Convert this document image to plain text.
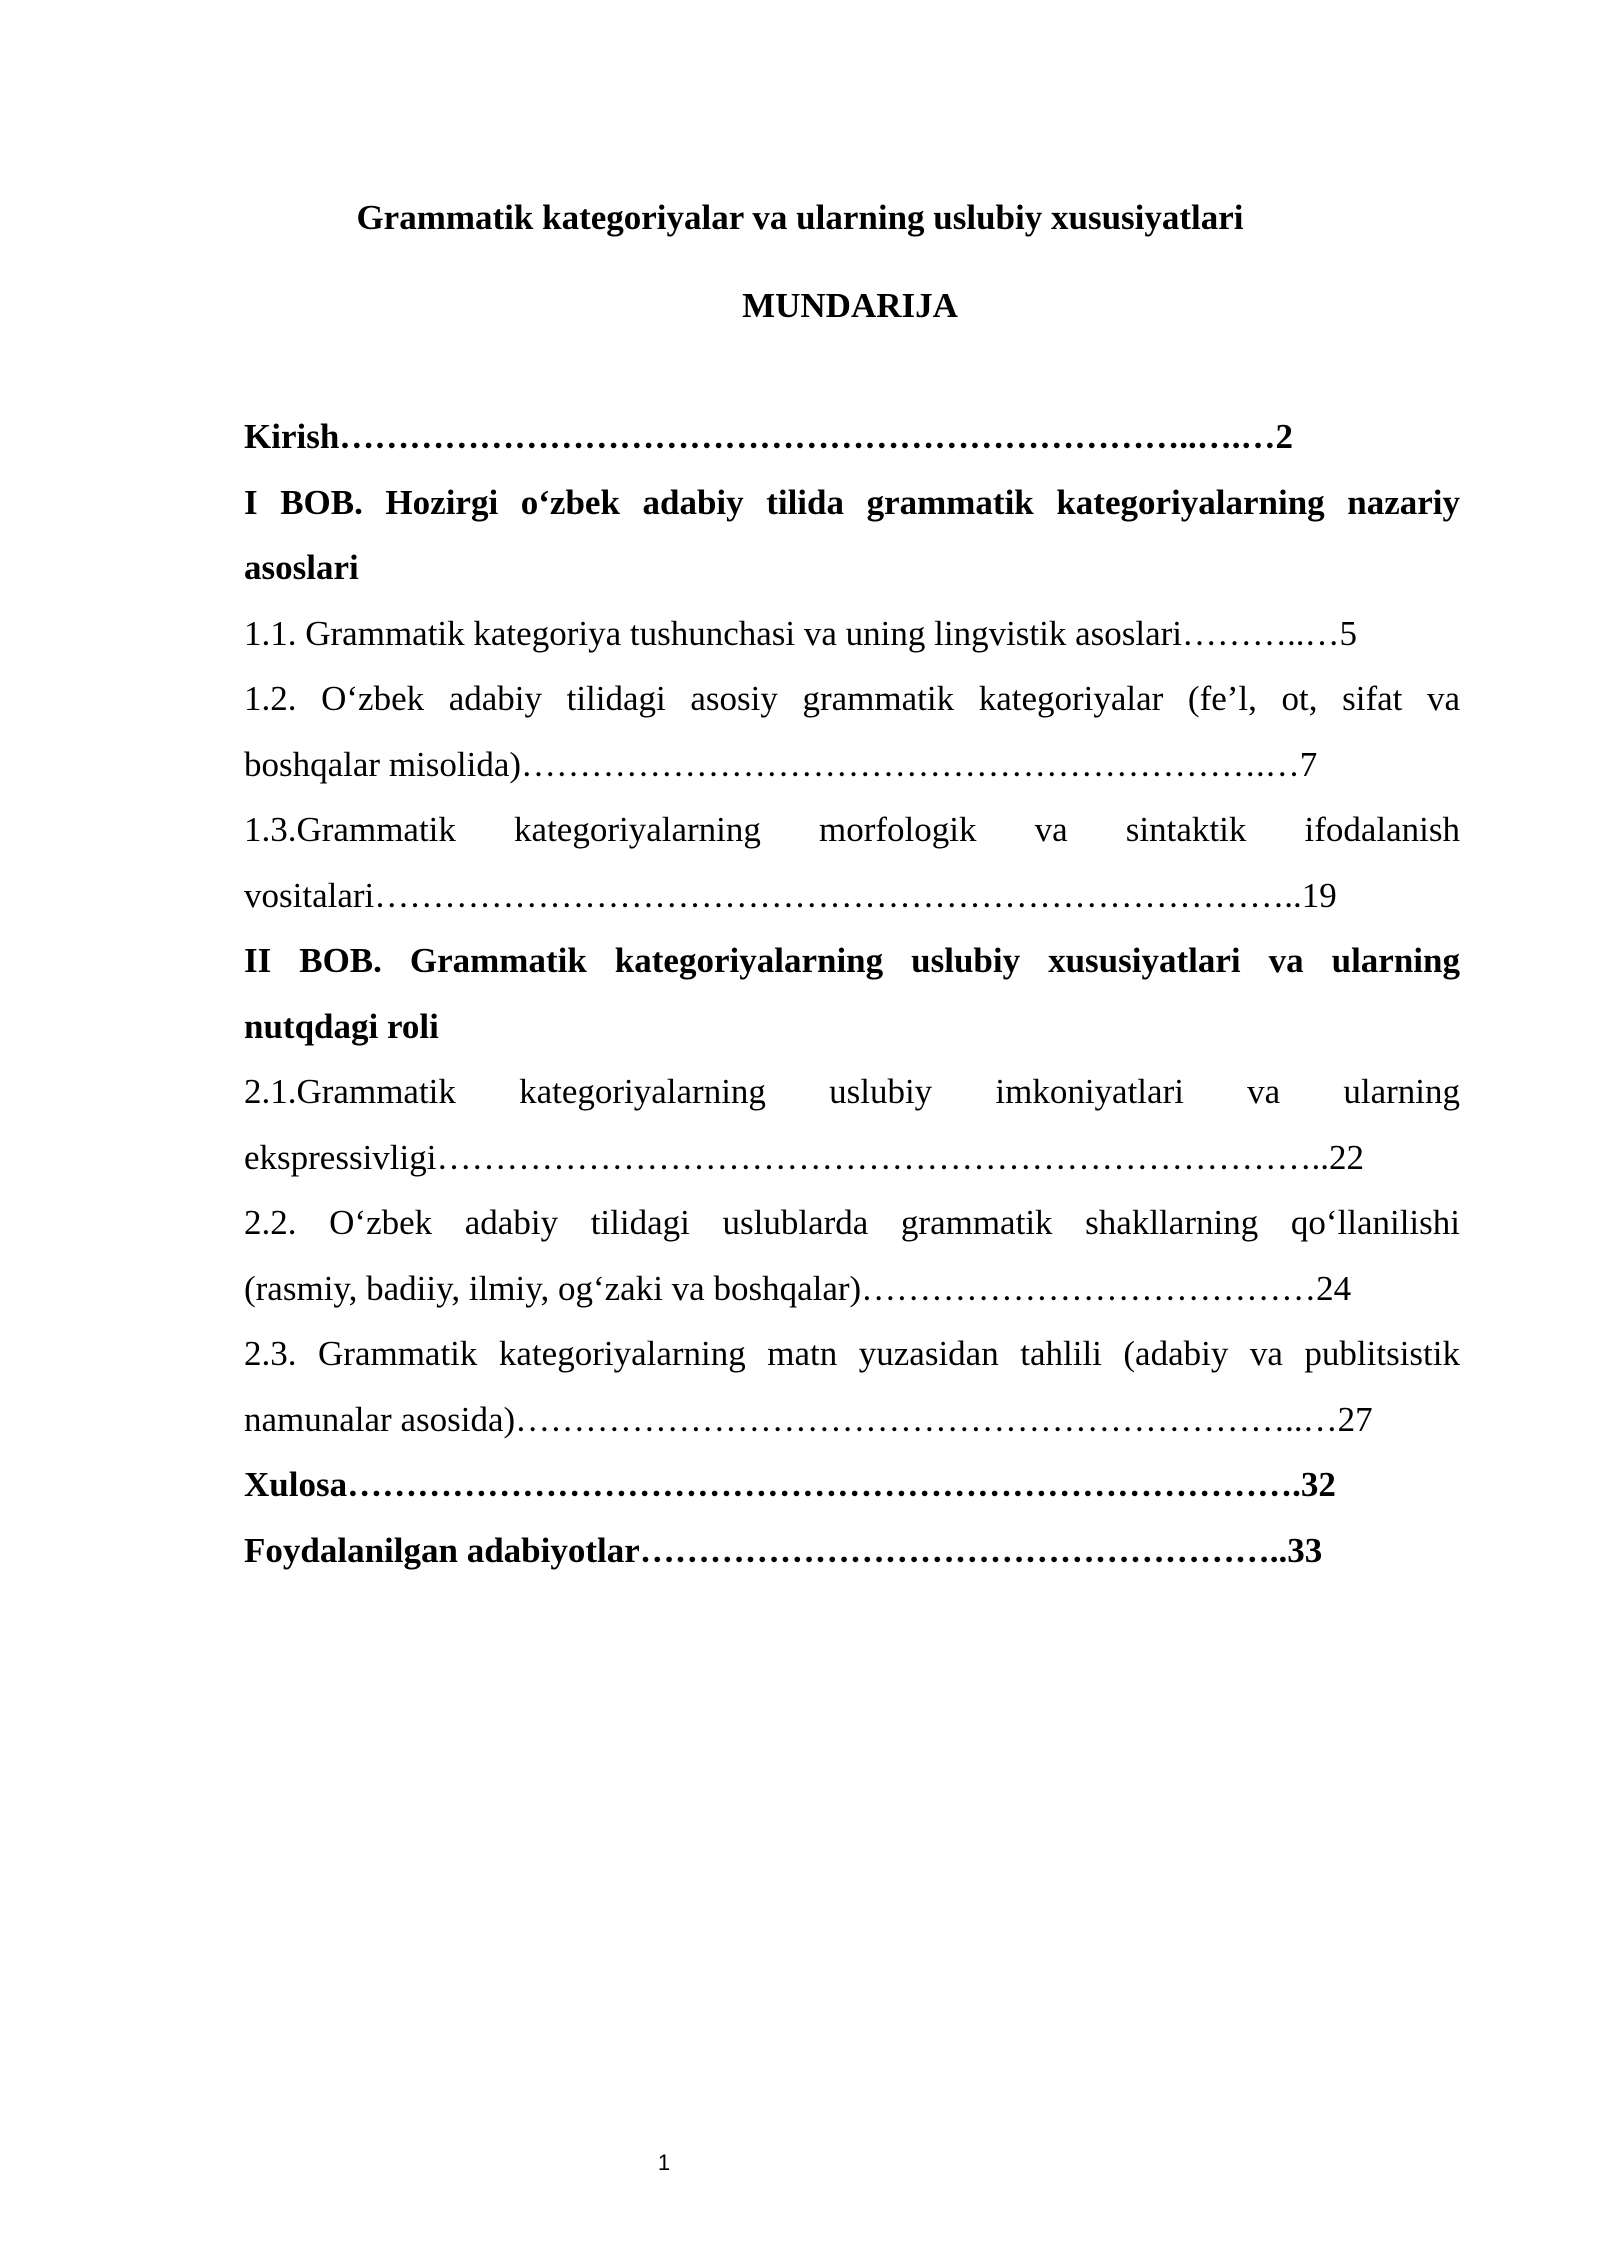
Grammatik kategoriyalar va ularning uslubiy xususiyatlari
MUNDARIJA
Kirish………………………………………………………………..….…2
I BOB. Hozirgi o‘zbek adabiy tilida grammatik kategoriyalarning nazariy
asoslari
1.1. Grammatik kategoriya tushunchasi va uning lingvistik asoslari………..…5
1.2. O‘zbek adabiy tilidagi asosiy grammatik kategoriyalar (fe’l, ot, sifat va
boshqalar misolida)……………………………………………………….…7
1.3.Grammatik kategoriyalarning morfologik va sintaktik ifodalanish
vositalari……………………………………………………………………..19
II BOB. Grammatik kategoriyalarning uslubiy xususiyatlari va ularning
nutqdagi roli
2.1.Grammatik kategoriyalarning uslubiy imkoniyatlari va ularning
ekspressivligi…………………………………………………………………..22
2.2. O‘zbek adabiy tilidagi uslublarda grammatik shakllarning qo‘llanilishi
(rasmiy, badiiy, ilmiy, og‘zaki va boshqalar)…………………………………24
2.3. Grammatik kategoriyalarning matn yuzasidan tahlili (adabiy va publitsistik
namunalar asosida)…………………………………………………………..…27
Xulosa……………………………………………………………………….32
Foydalanilgan adabiyotlar………………………………………………..33
1
